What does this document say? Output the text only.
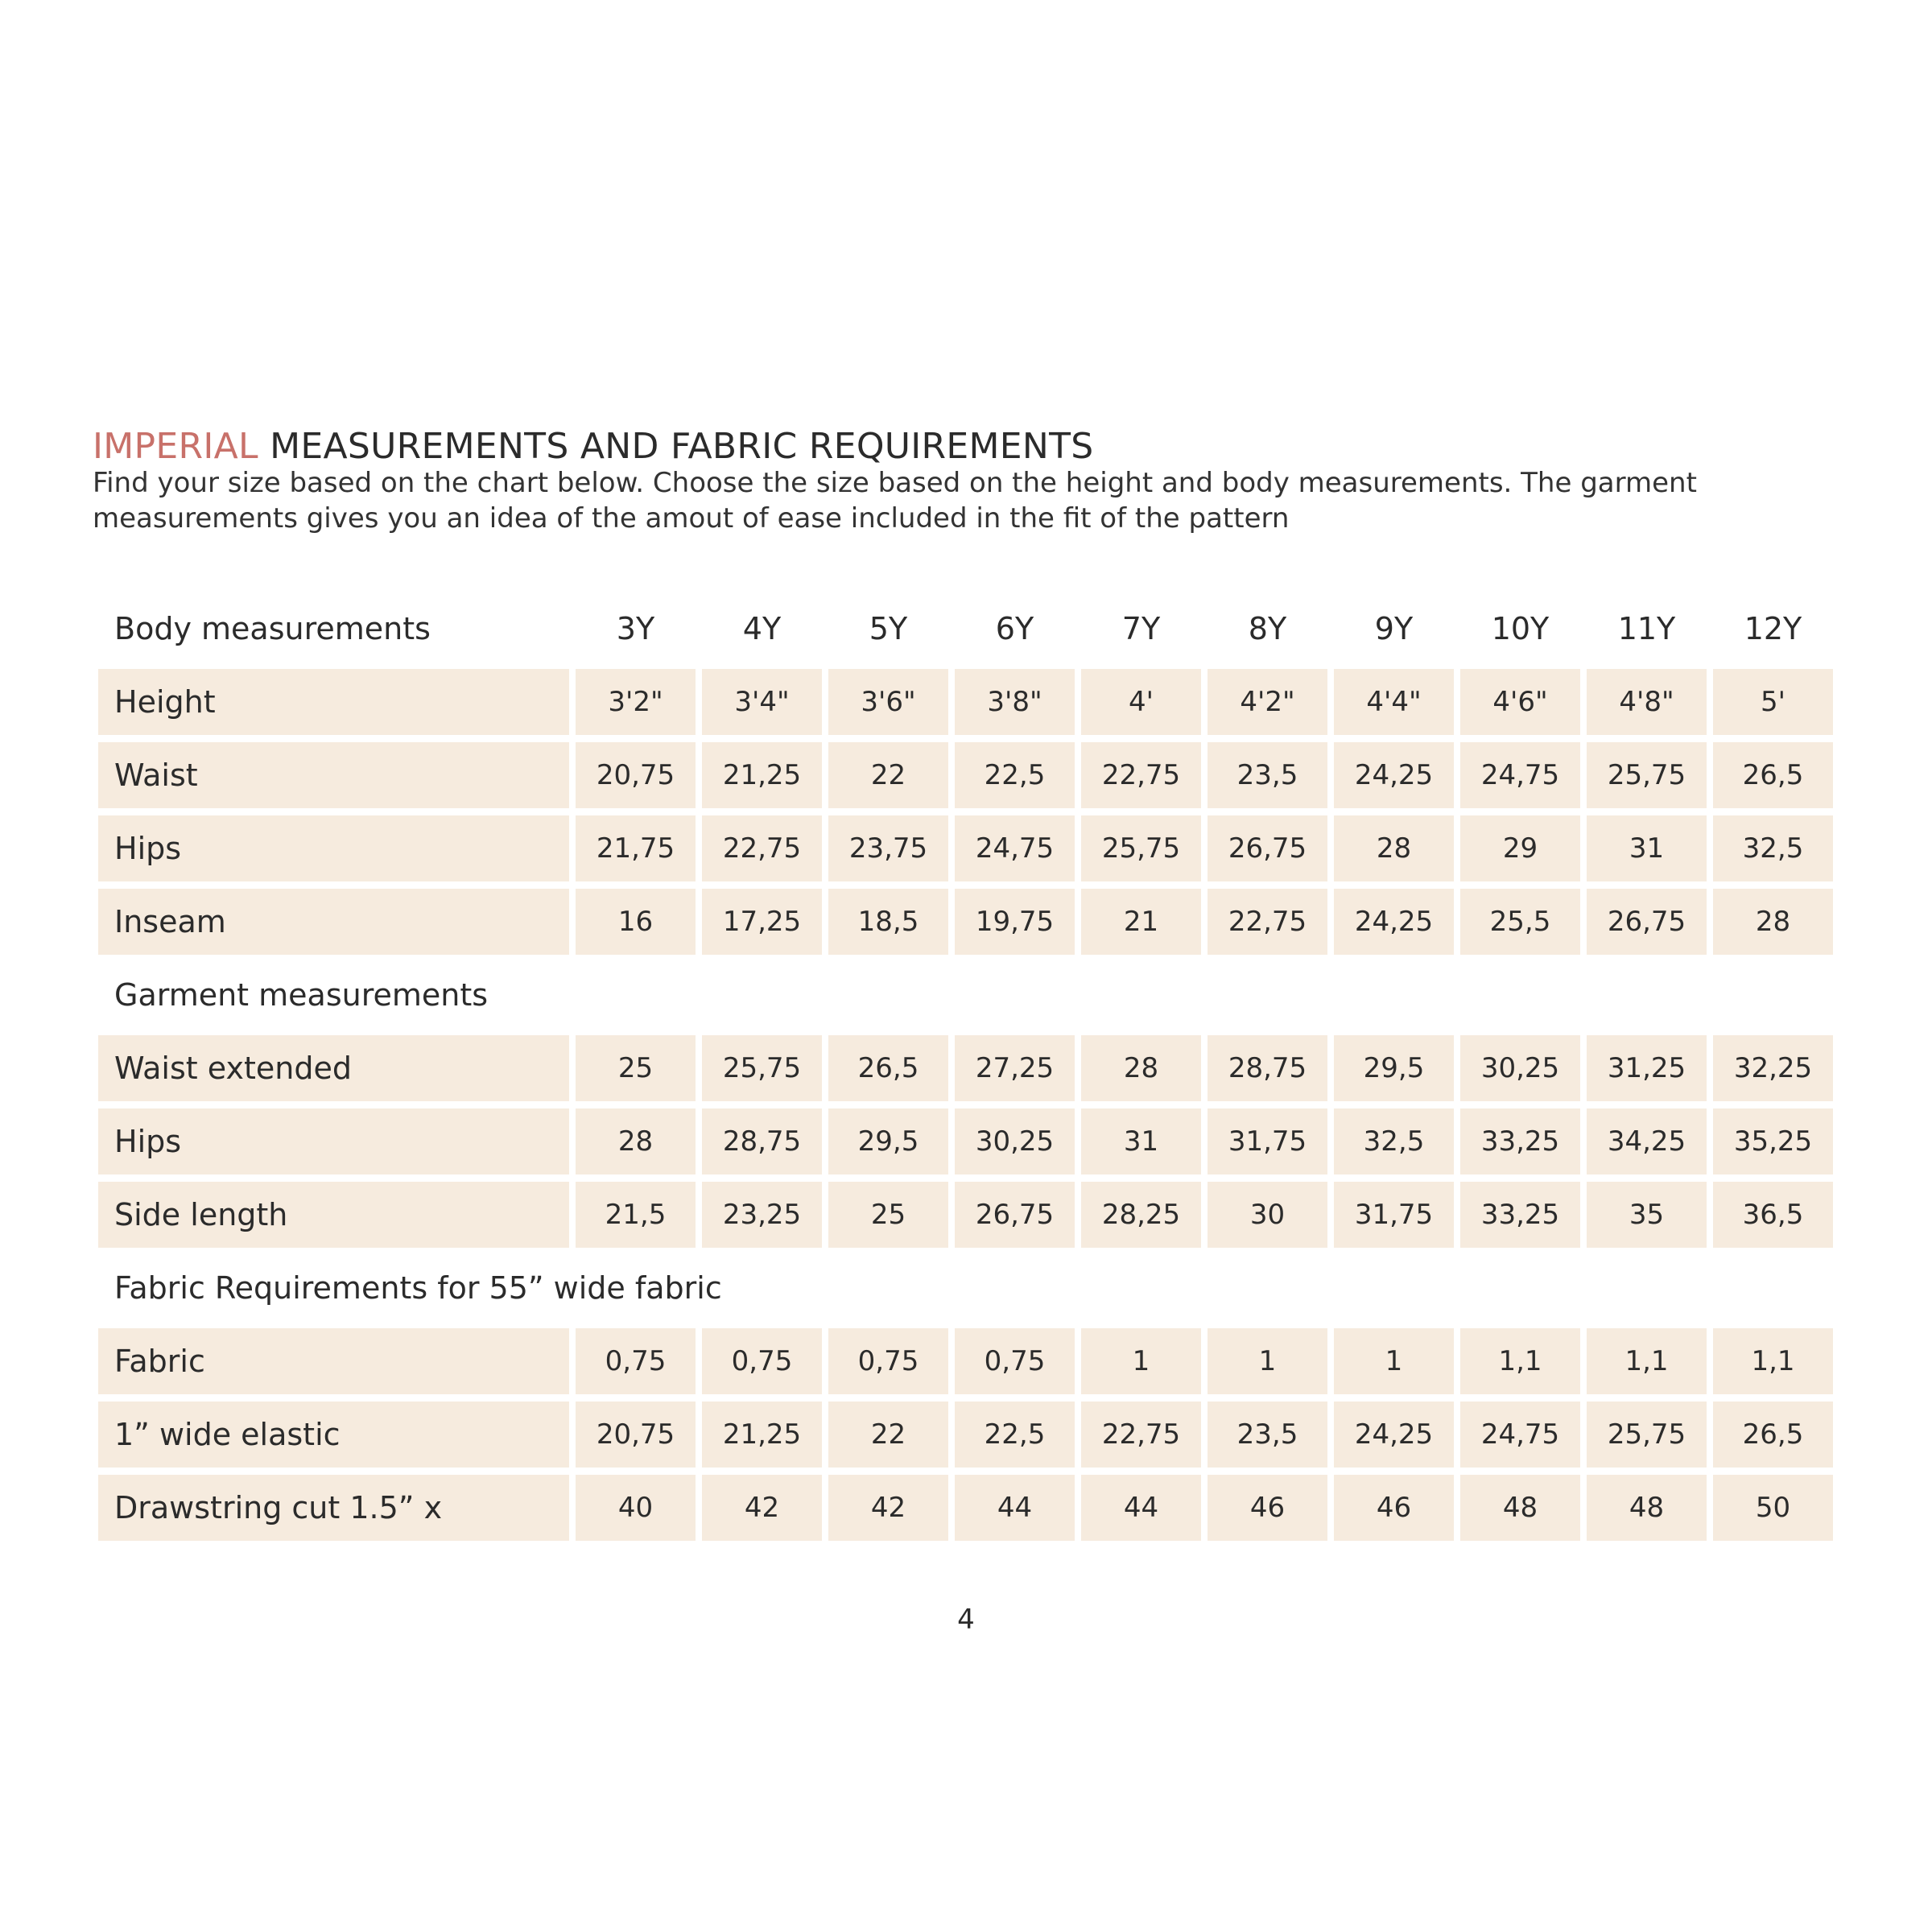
IMPERIAL MEASUREMENTS AND FABRIC REQUIREMENTS
Find your size based on the chart below. Choose the size based on the height and body measurements. The garment measurements gives you an idea of the amout of ease included in the fit of the pattern
Body measurements	3Y	4Y	5Y	6Y	7Y	8Y	9Y	10Y	11Y	12Y
Height	3'2"	3'4"	3'6"	3'8"	4'	4'2"	4'4"	4'6"	4'8"	5'
Waist	20,75	21,25	22	22,5	22,75	23,5	24,25	24,75	25,75	26,5
Hips	21,75	22,75	23,75	24,75	25,75	26,75	28	29	31	32,5
Inseam	16	17,25	18,5	19,75	21	22,75	24,25	25,5	26,75	28
Garment measurements
Waist extended	25	25,75	26,5	27,25	28	28,75	29,5	30,25	31,25	32,25
Hips	28	28,75	29,5	30,25	31	31,75	32,5	33,25	34,25	35,25
Side length	21,5	23,25	25	26,75	28,25	30	31,75	33,25	35	36,5
Fabric Requirements for 55” wide fabric
Fabric	0,75	0,75	0,75	0,75	1	1	1	1,1	1,1	1,1
1” wide elastic	20,75	21,25	22	22,5	22,75	23,5	24,25	24,75	25,75	26,5
Drawstring cut 1.5” x	40	42	42	44	44	46	46	48	48	50
4
